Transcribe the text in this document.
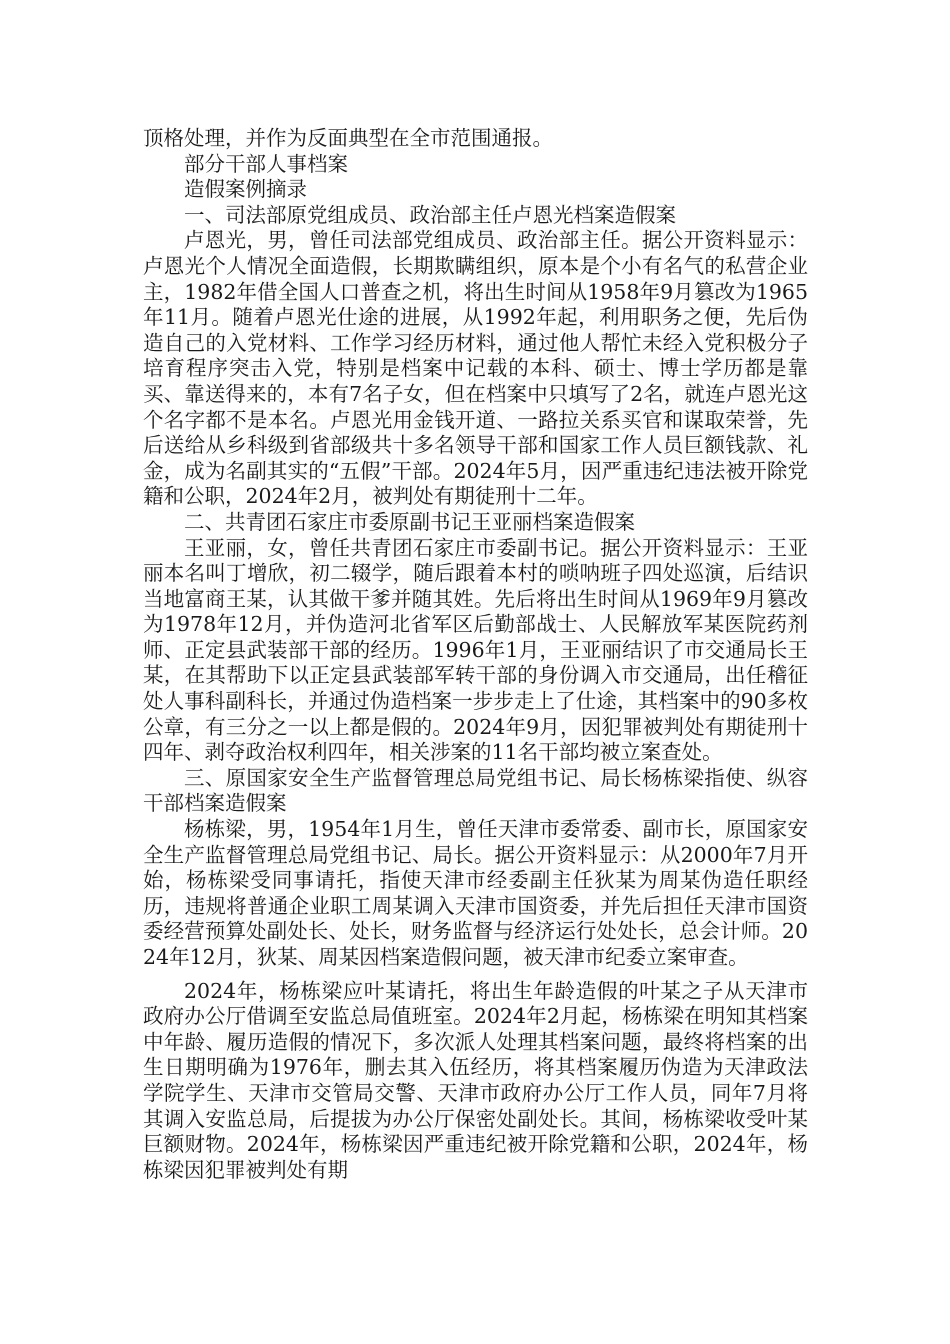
顶格处理，并作为反面典型在全市范围通报。

部分干部人事档案

造假案例摘录

一、司法部原党组成员、政治部主任卢恩光档案造假案

卢恩光，男，曾任司法部党组成员、政治部主任。据公开资料显示：卢恩光个人情况全面造假，长期欺瞒组织，原本是个小有名气的私营企业主，1982年借全国人口普查之机，将出生时间从1958年9月篡改为1965年11月。随着卢恩光仕途的进展，从1992年起，利用职务之便，先后伪造自己的入党材料、工作学习经历材料，通过他人帮忙未经入党积极分子培育程序突击入党，特别是档案中记载的本科、硕士、博士学历都是靠买、靠送得来的，本有7名子女，但在档案中只填写了2名，就连卢恩光这个名字都不是本名。卢恩光用金钱开道、一路拉关系买官和谋取荣誉，先后送给从乡科级到省部级共十多名领导干部和国家工作人员巨额钱款、礼金，成为名副其实的“五假”干部。2024年5月，因严重违纪违法被开除党籍和公职，2024年2月，被判处有期徒刑十二年。

二、共青团石家庄市委原副书记王亚丽档案造假案

王亚丽，女，曾任共青团石家庄市委副书记。据公开资料显示：王亚丽本名叫丁增欣，初二辍学，随后跟着本村的唢呐班子四处巡演，后结识当地富商王某，认其做干爹并随其姓。先后将出生时间从1969年9月篡改为1978年12月，并伪造河北省军区后勤部战士、人民解放军某医院药剂师、正定县武装部干部的经历。1996年1月，王亚丽结识了市交通局长王某，在其帮助下以正定县武装部军转干部的身份调入市交通局，出任稽征处人事科副科长，并通过伪造档案一步步走上了仕途，其档案中的90多枚公章，有三分之一以上都是假的。2024年9月，因犯罪被判处有期徒刑十四年、剥夺政治权利四年，相关涉案的11名干部均被立案查处。

三、原国家安全生产监督管理总局党组书记、局长杨栋梁指使、纵容干部档案造假案

杨栋梁，男，1954年1月生，曾任天津市委常委、副市长，原国家安全生产监督管理总局党组书记、局长。据公开资料显示：从2000年7月开始，杨栋梁受同事请托，指使天津市经委副主任狄某为周某伪造任职经历，违规将普通企业职工周某调入天津市国资委，并先后担任天津市国资委经营预算处副处长、处长，财务监督与经济运行处处长，总会计师。2024年12月，狄某、周某因档案造假问题，被天津市纪委立案审查。

2024年，杨栋梁应叶某请托，将出生年龄造假的叶某之子从天津市政府办公厅借调至安监总局值班室。2024年2月起，杨栋梁在明知其档案中年龄、履历造假的情况下，多次派人处理其档案问题，最终将档案的出生日期明确为1976年，删去其入伍经历，将其档案履历伪造为天津政法学院学生、天津市交管局交警、天津市政府办公厅工作人员，同年7月将其调入安监总局，后提拔为办公厅保密处副处长。其间，杨栋梁收受叶某巨额财物。2024年，杨栋梁因严重违纪被开除党籍和公职，2024年，杨栋梁因犯罪被判处有期
